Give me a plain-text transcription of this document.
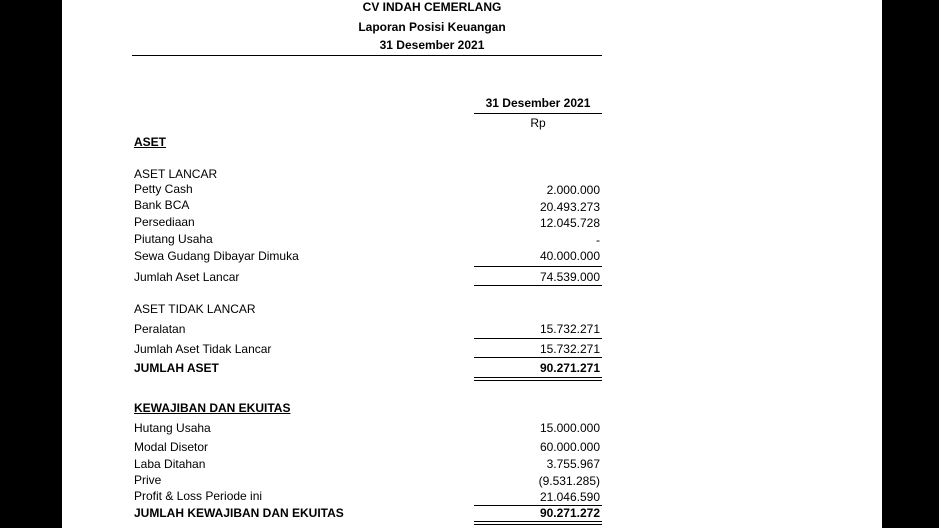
CV INDAH CEMERLANG
Laporan Posisi Keuangan
31 Desember 2021
31 Desember 2021
Rp
ASET
ASET LANCAR
Petty Cash	2.000.000
Bank BCA	20.493.273
Persediaan	12.045.728
Piutang Usaha	-
Sewa Gudang Dibayar Dimuka	40.000.000
Jumlah Aset Lancar	74.539.000
ASET TIDAK LANCAR
Peralatan	15.732.271
Jumlah Aset Tidak Lancar	15.732.271
JUMLAH ASET	90.271.271
KEWAJIBAN DAN EKUITAS
Hutang Usaha	15.000.000
Modal Disetor	60.000.000
Laba Ditahan	3.755.967
Prive	(9.531.285)
Profit & Loss Periode ini	21.046.590
JUMLAH KEWAJIBAN DAN EKUITAS	90.271.272
